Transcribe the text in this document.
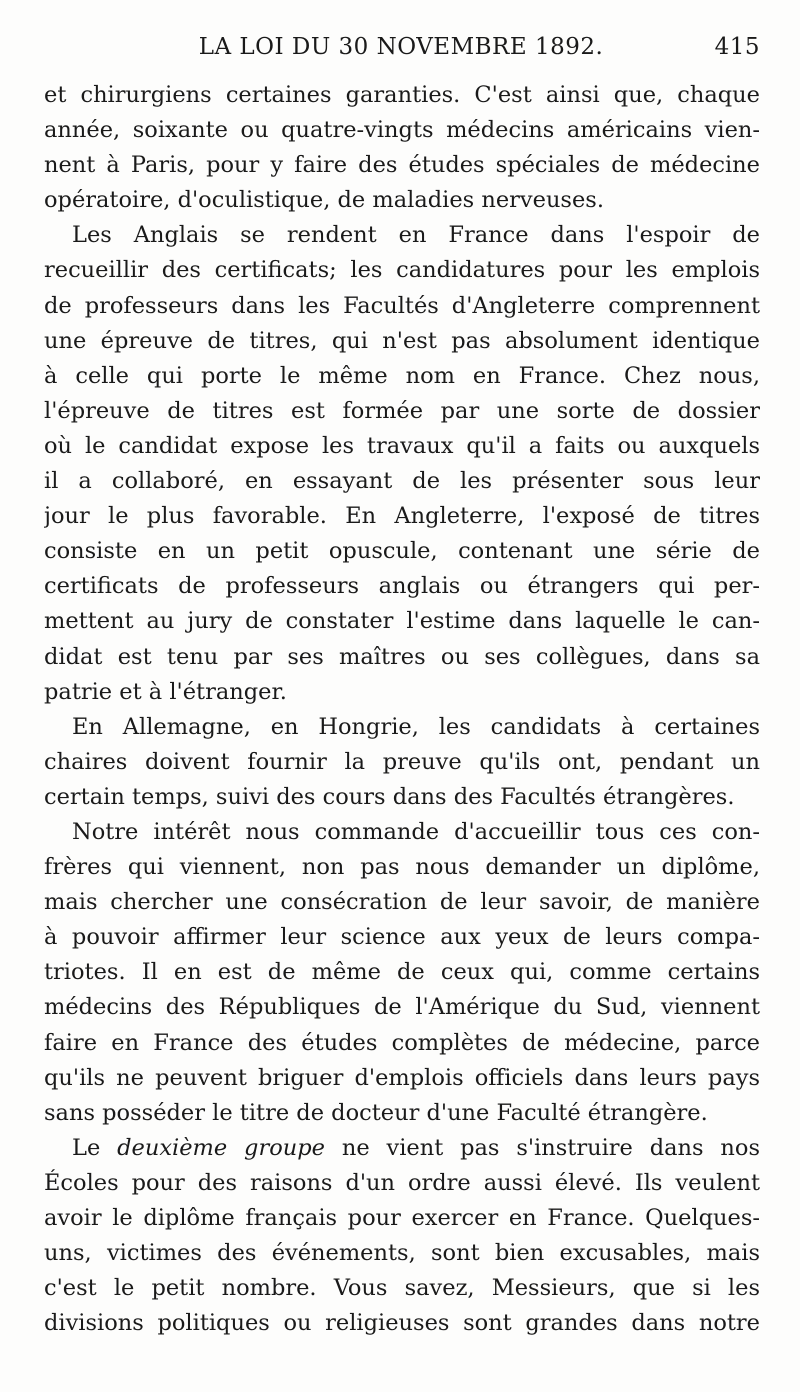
LA LOI DU 30 NOVEMBRE 1892.	415
et chirurgiens certaines garanties. C'est ainsi que, chaque
année, soixante ou quatre-vingts médecins américains vien-
nent à Paris, pour y faire des études spéciales de médecine
opératoire, d'oculistique, de maladies nerveuses.
Les Anglais se rendent en France dans l'espoir de
recueillir des certificats; les candidatures pour les emplois
de professeurs dans les Facultés d'Angleterre comprennent
une épreuve de titres, qui n'est pas absolument identique
à celle qui porte le même nom en France. Chez nous,
l'épreuve de titres est formée par une sorte de dossier
où le candidat expose les travaux qu'il a faits ou auxquels
il a collaboré, en essayant de les présenter sous leur
jour le plus favorable. En Angleterre, l'exposé de titres
consiste en un petit opuscule, contenant une série de
certificats de professeurs anglais ou étrangers qui per-
mettent au jury de constater l'estime dans laquelle le can-
didat est tenu par ses maîtres ou ses collègues, dans sa
patrie et à l'étranger.
En Allemagne, en Hongrie, les candidats à certaines
chaires doivent fournir la preuve qu'ils ont, pendant un
certain temps, suivi des cours dans des Facultés étrangères.
Notre intérêt nous commande d'accueillir tous ces con-
frères qui viennent, non pas nous demander un diplôme,
mais chercher une consécration de leur savoir, de manière
à pouvoir affirmer leur science aux yeux de leurs compa-
triotes. Il en est de même de ceux qui, comme certains
médecins des Républiques de l'Amérique du Sud, viennent
faire en France des études complètes de médecine, parce
qu'ils ne peuvent briguer d'emplois officiels dans leurs pays
sans posséder le titre de docteur d'une Faculté étrangère.
Le deuxième groupe ne vient pas s'instruire dans nos
Écoles pour des raisons d'un ordre aussi élevé. Ils veulent
avoir le diplôme français pour exercer en France. Quelques-
uns, victimes des événements, sont bien excusables, mais
c'est le petit nombre. Vous savez, Messieurs, que si les
divisions politiques ou religieuses sont grandes dans notre
